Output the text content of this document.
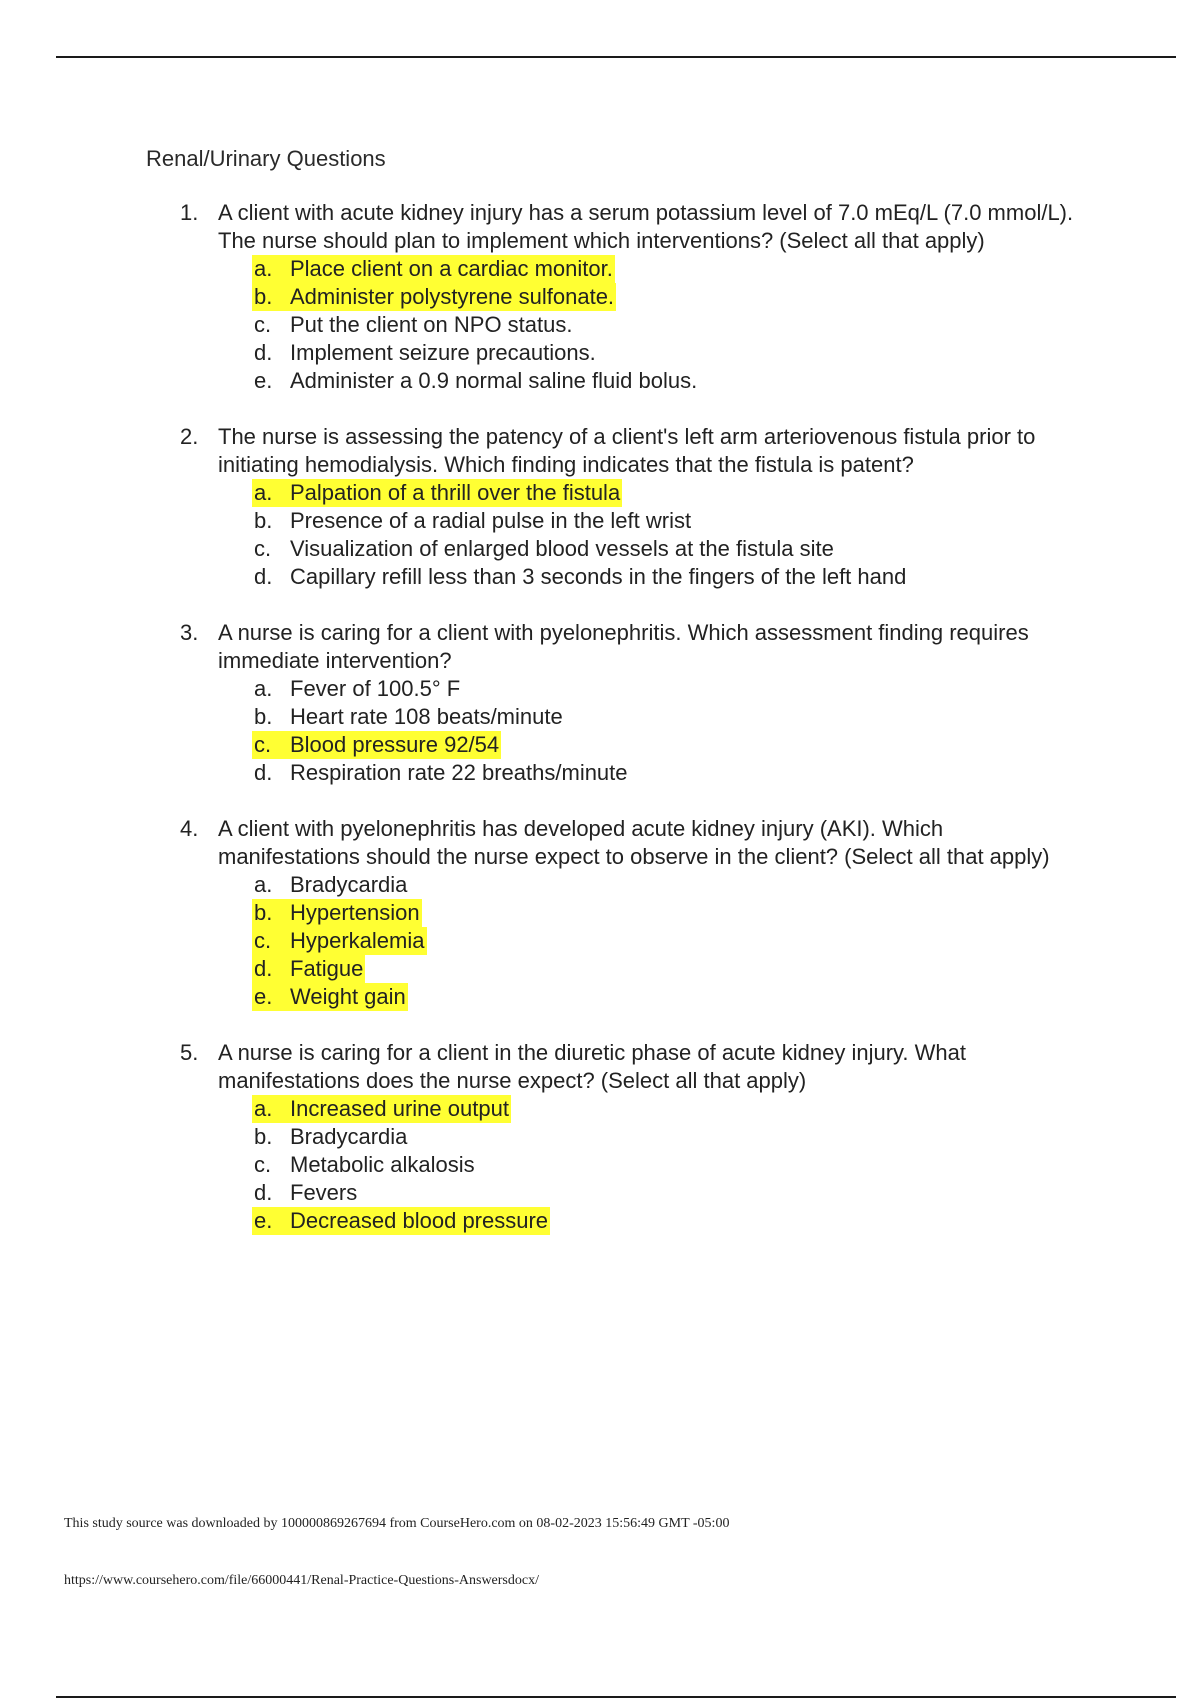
Renal/Urinary Questions
1. A client with acute kidney injury has a serum potassium level of 7.0 mEq/L (7.0 mmol/L). The nurse should plan to implement which interventions? (Select all that apply)

a. Place client on a cardiac monitor.
b. Administer polystyrene sulfonate.
c. Put the client on NPO status.
d. Implement seizure precautions.
e. Administer a 0.9 normal saline fluid bolus.
2. The nurse is assessing the patency of a client's left arm arteriovenous fistula prior to initiating hemodialysis. Which finding indicates that the fistula is patent?

a. Palpation of a thrill over the fistula
b. Presence of a radial pulse in the left wrist
c. Visualization of enlarged blood vessels at the fistula site
d. Capillary refill less than 3 seconds in the fingers of the left hand
3. A nurse is caring for a client with pyelonephritis. Which assessment finding requires immediate intervention?

a. Fever of 100.5° F
b. Heart rate 108 beats/minute
c. Blood pressure 92/54
d. Respiration rate 22 breaths/minute
4. A client with pyelonephritis has developed acute kidney injury (AKI). Which manifestations should the nurse expect to observe in the client? (Select all that apply)

a. Bradycardia
b. Hypertension
c. Hyperkalemia
d. Fatigue
e. Weight gain
5. A nurse is caring for a client in the diuretic phase of acute kidney injury. What manifestations does the nurse expect? (Select all that apply)

a. Increased urine output
b. Bradycardia
c. Metabolic alkalosis
d. Fevers
e. Decreased blood pressure
This study source was downloaded by 100000869267694 from CourseHero.com on 08-02-2023 15:56:49 GMT -05:00
https://www.coursehero.com/file/66000441/Renal-Practice-Questions-Answersdocx/
